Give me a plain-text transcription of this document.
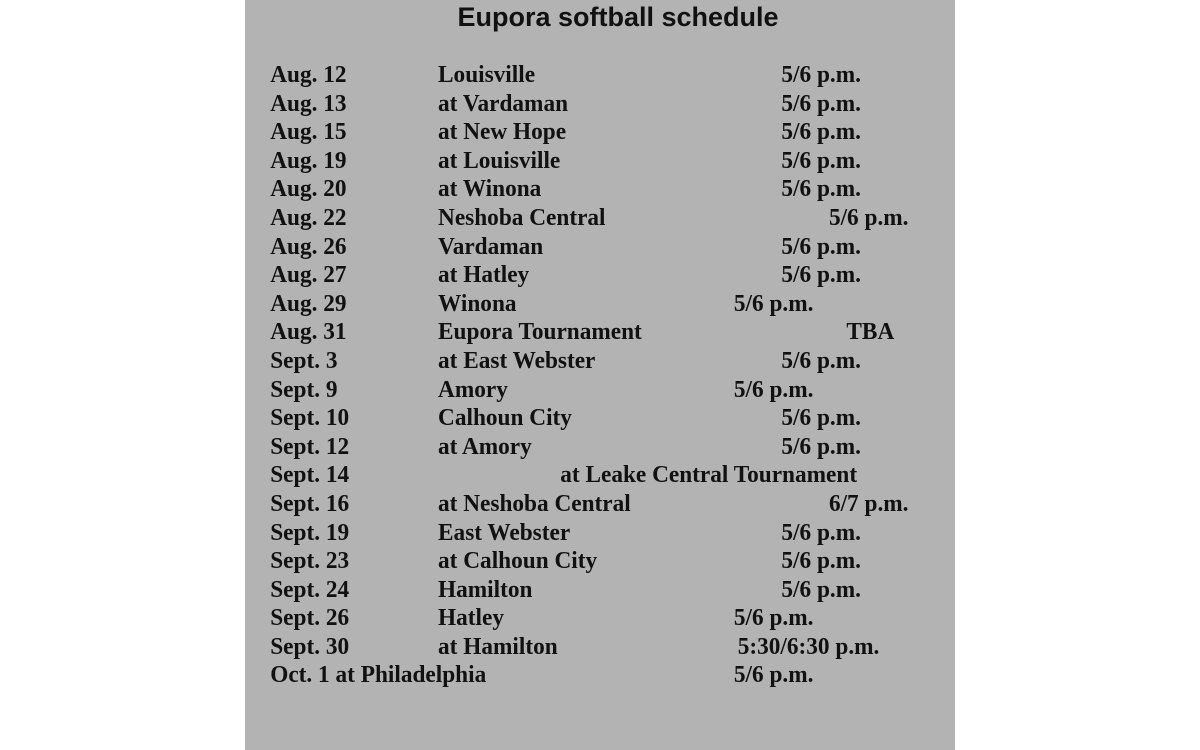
Eupora softball schedule
Aug. 12	Louisville	5/6 p.m.
Aug. 13	at Vardaman	5/6 p.m.
Aug. 15	at New Hope	5/6 p.m.
Aug. 19	at Louisville	5/6 p.m.
Aug. 20	at Winona	5/6 p.m.
Aug. 22	Neshoba Central	5/6 p.m.
Aug. 26	Vardaman	5/6 p.m.
Aug. 27	at Hatley	5/6 p.m.
Aug. 29	Winona	5/6 p.m.
Aug. 31	Eupora Tournament	TBA
Sept. 3	at East Webster	5/6 p.m.
Sept. 9	Amory	5/6 p.m.
Sept. 10	Calhoun City	5/6 p.m.
Sept. 12	at Amory	5/6 p.m.
Sept. 14	at Leake Central Tournament
Sept. 16	at Neshoba Central	6/7 p.m.
Sept. 19	East Webster	5/6 p.m.
Sept. 23	at Calhoun City	5/6 p.m.
Sept. 24	Hamilton	5/6 p.m.
Sept. 26	Hatley	5/6 p.m.
Sept. 30	at Hamilton	5:30/6:30 p.m.
Oct. 1 at Philadelphia	5/6 p.m.
